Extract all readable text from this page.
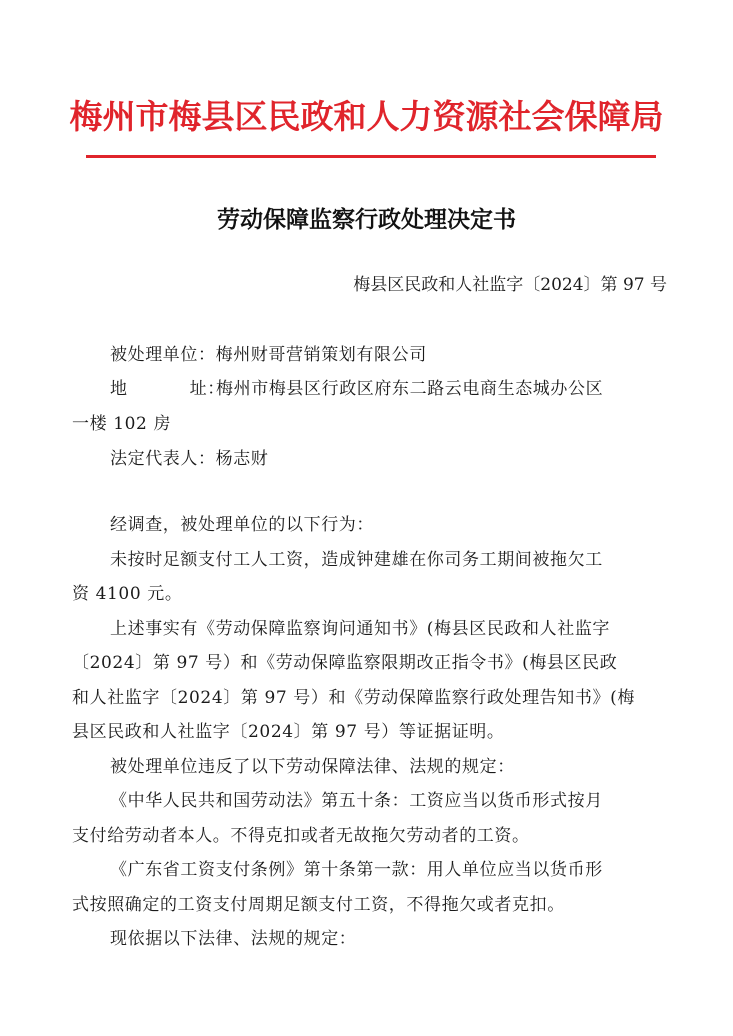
梅州市梅县区民政和人力资源社会保障局
劳动保障监察行政处理决定书
梅县区民政和人社监字〔2024〕第 97 号
被处理单位：梅州财哥营销策划有限公司
地	址：梅州市梅县区行政区府东二路云电商生态城办公区
一楼 102 房
法定代表人：杨志财
经调查，被处理单位的以下行为：
未按时足额支付工人工资，造成钟建雄在你司务工期间被拖欠工
资 4100 元。
上述事实有《劳动保障监察询问通知书》(梅县区民政和人社监字
〔2024〕第 97 号）和《劳动保障监察限期改正指令书》(梅县区民政
和人社监字〔2024〕第 97 号）和《劳动保障监察行政处理告知书》(梅
县区民政和人社监字〔2024〕第 97 号）等证据证明。
被处理单位违反了以下劳动保障法律、法规的规定：
《中华人民共和国劳动法》第五十条：工资应当以货币形式按月
支付给劳动者本人。不得克扣或者无故拖欠劳动者的工资。
《广东省工资支付条例》第十条第一款：用人单位应当以货币形
式按照确定的工资支付周期足额支付工资，不得拖欠或者克扣。
现依据以下法律、法规的规定：
